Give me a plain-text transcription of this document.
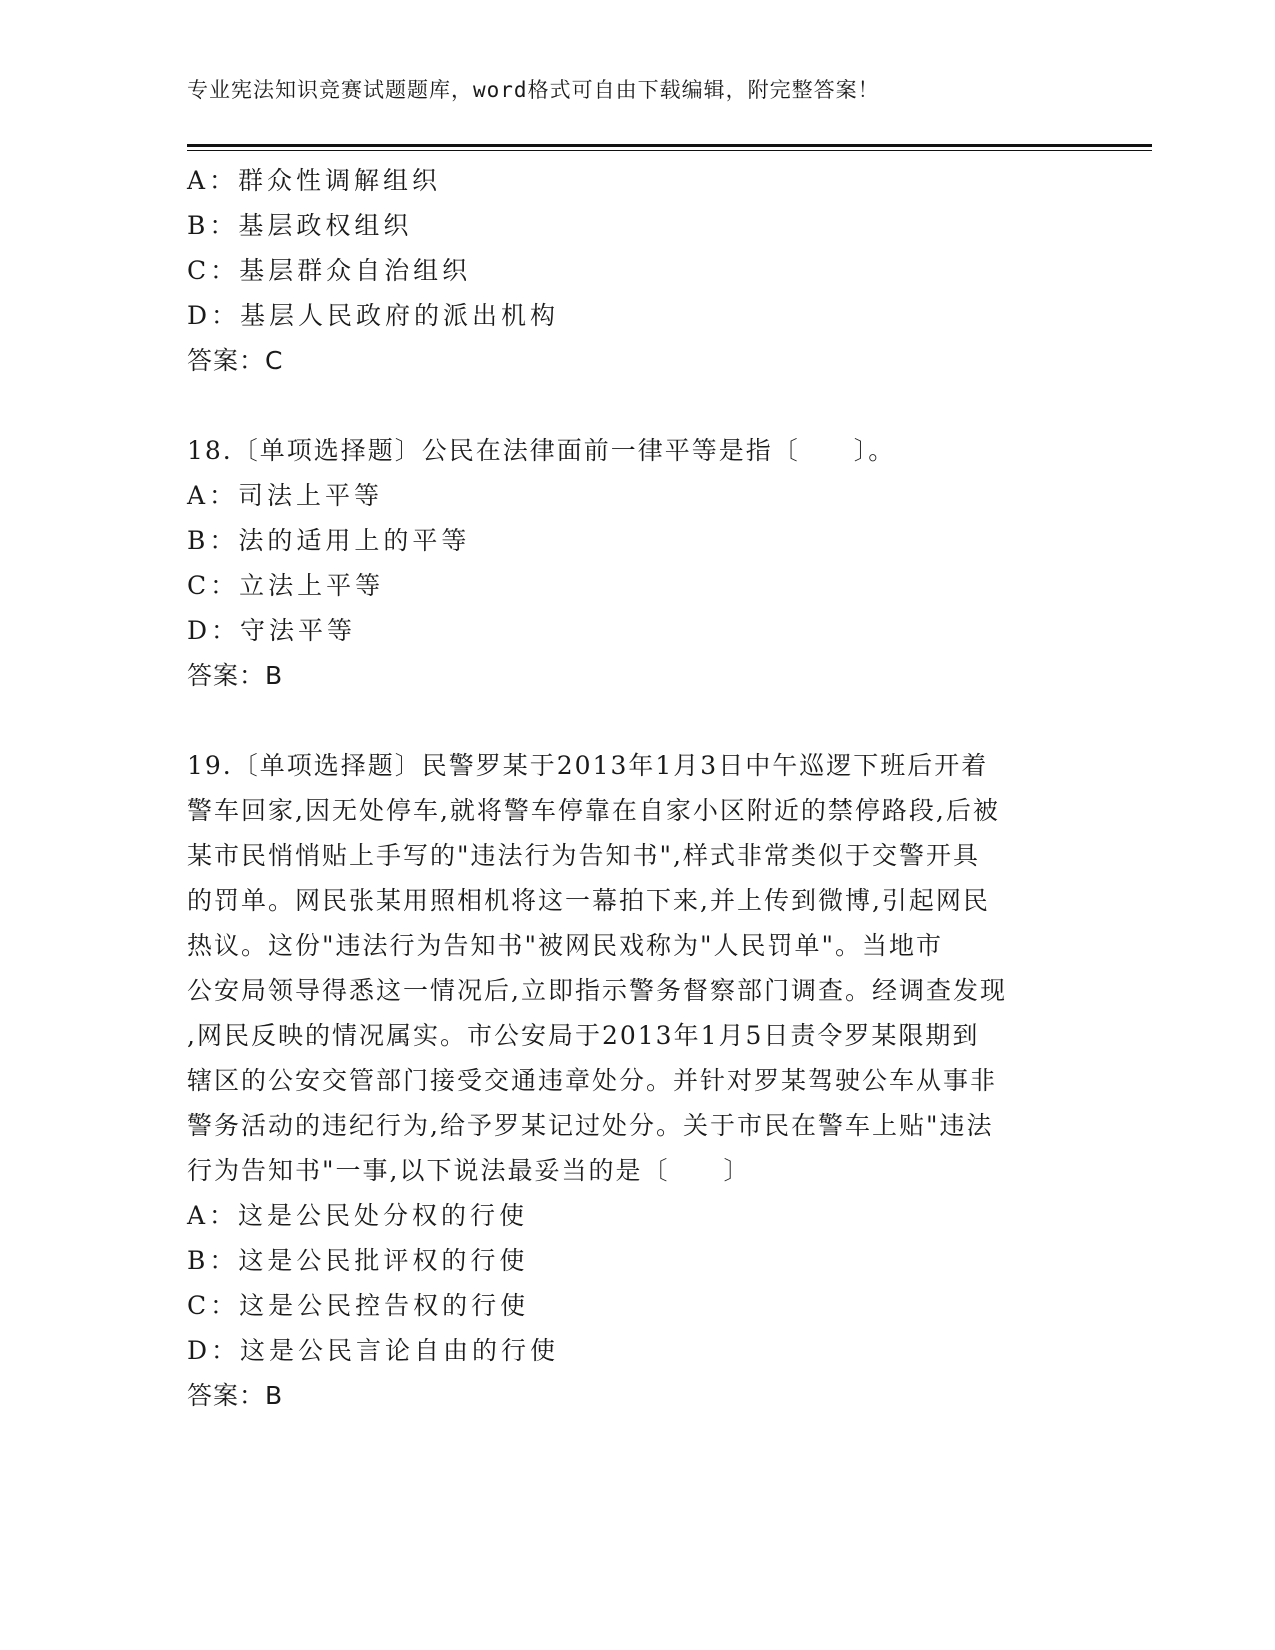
专业宪法知识竞赛试题题库，word格式可自由下载编辑，附完整答案！
A：群众性调解组织
B：基层政权组织
C：基层群众自治组织
D：基层人民政府的派出机构
答案：C
18.〔单项选择题〕公民在法律面前一律平等是指〔　　〕。
A：司法上平等
B：法的适用上的平等
C：立法上平等
D：守法平等
答案：B
19.〔单项选择题〕民警罗某于2013年1月3日中午巡逻下班后开着
警车回家,因无处停车,就将警车停靠在自家小区附近的禁停路段,后被
某市民悄悄贴上手写的"违法行为告知书",样式非常类似于交警开具
的罚单。网民张某用照相机将这一幕拍下来,并上传到微博,引起网民
热议。这份"违法行为告知书"被网民戏称为"人民罚单"。当地市
公安局领导得悉这一情况后,立即指示警务督察部门调查。经调查发现
,网民反映的情况属实。市公安局于2013年1月5日责令罗某限期到
辖区的公安交管部门接受交通违章处分。并针对罗某驾驶公车从事非
警务活动的违纪行为,给予罗某记过处分。关于市民在警车上贴"违法
行为告知书"一事,以下说法最妥当的是〔　　〕
A：这是公民处分权的行使
B：这是公民批评权的行使
C：这是公民控告权的行使
D：这是公民言论自由的行使
答案：B
